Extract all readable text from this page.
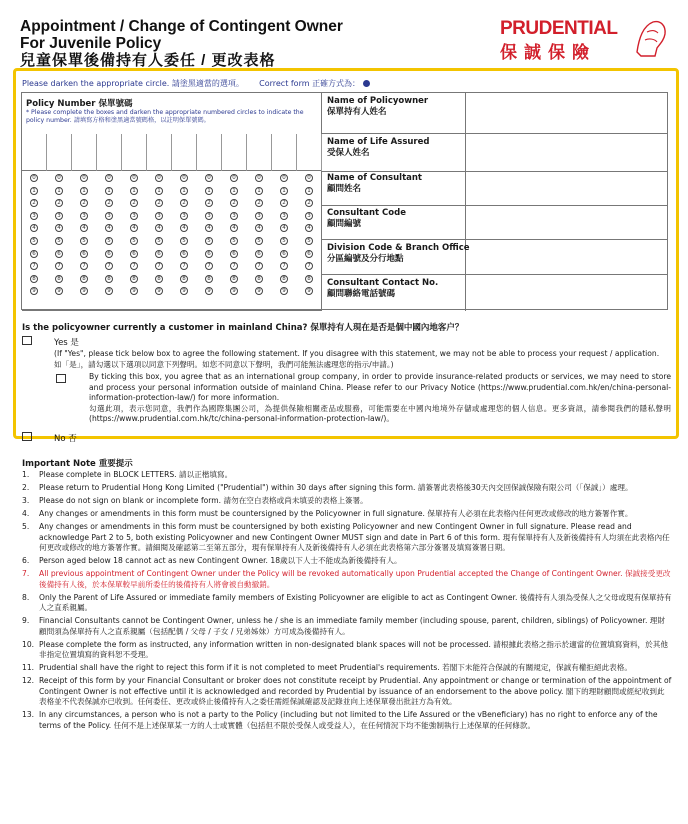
Appointment / Change of Contingent Owner
For Juvenile Policy
兒童保單後備持有人委任 / 更改表格
PRUDENTIAL
保誠保險
Please darken the appropriate circle. 請塗黑適當的選項。 Correct form 正確方式為：
Policy Number 保單號碼
* Please complete the boxes and darken the appropriate numbered circles to indicate the policy number. 請填寫方格和塗黑適當號碼格，以註明保單號碼。
0
1
2
3
4
5
6
7
8
9
0
1
2
3
4
5
6
7
8
9
0
1
2
3
4
5
6
7
8
9
0
1
2
3
4
5
6
7
8
9
0
1
2
3
4
5
6
7
8
9
0
1
2
3
4
5
6
7
8
9
0
1
2
3
4
5
6
7
8
9
0
1
2
3
4
5
6
7
8
9
0
1
2
3
4
5
6
7
8
9
0
1
2
3
4
5
6
7
8
9
0
1
2
3
4
5
6
7
8
9
0
1
2
3
4
5
6
7
8
9
Name of Policyowner
保單持有人姓名
Name of Life Assured
受保人姓名
Name of Consultant
顧問姓名
Consultant Code
顧問編號
Division Code & Branch Office
分區編號及分行地點
Consultant Contact No.
顧問聯絡電話號碼
Is the policyowner currently a customer in mainland China? 保單持有人現在是否是個中國內地客户？
Yes 是
(If "Yes", please tick below box to agree the following statement. If you disagree with this statement, we may not be able to process your request / application.
如「是」，請勾選以下選項以同意下列聲明。如您不同意以下聲明，我們可能無法處理您的指示/申請。)
By ticking this box, you agree that as an international group company, in order to provide insurance-related products or services, we may need to store and process your personal information outside of mainland China. Please refer to our Privacy Notice (https://www.prudential.com.hk/en/china-personal-information-protection-law/) for more information.
勾選此項，表示您同意，我們作為國際集團公司，為提供保險相關產品或服務，可能需要在中國內地境外存儲或處理您的個人信息。更多資訊，請參閱我們的隱私聲明 (https://www.prudential.com.hk/tc/china-personal-information-protection-law/)。
No 否
Important Note 重要提示
1. Please complete in BLOCK LETTERS. 請以正楷填寫。
2. Please return to Prudential Hong Kong Limited ("Prudential") within 30 days after signing this form. 請簽署此表格後30天內交回保誠保險有限公司（「保誠」）處理。
3. Please do not sign on blank or incomplete form. 請勿在空白表格或尚未填妥的表格上簽署。
4. Any changes or amendments in this form must be countersigned by the Policyowner in full signature. 保單持有人必須在此表格內任何更改或修改的地方簽署作實。
5. Any changes or amendments in this form must be countersigned by both existing Policyowner and new Contingent Owner in full signature. Please read and acknowledge Part 2 to 5, both existing Policyowner and new Contingent Owner MUST sign and date in Part 6 of this form. 現有保單持有人及新後備持有人均須在此表格內任何更改或修改的地方簽署作實。請細閱及確認第二至第五部分，現有保單持有人及新後備持有人必須在此表格第六部分簽署及填寫簽署日期。
6. Person aged below 18 cannot act as new Contingent Owner. 18歲以下人士不能成為新後備持有人。
7. All previous appointment of Contingent Owner under the Policy will be revoked automatically upon Prudential accepted the Change of Contingent Owner. 保誠接受更改後備持有人後，於本保單較早前所委任的後備持有人將會被自動撤銷。
8. Only the Parent of Life Assured or immediate family members of Existing Policyowner are eligible to act as Contingent Owner. 後備持有人須為受保人之父母或現有保單持有人之直系親屬。
9. Financial Consultants cannot be Contingent Owner, unless he / she is an immediate family member (including spouse, parent, children, siblings) of Policyowner. 理財顧問須為保單持有人之直系親屬（包括配偶 / 父母 / 子女 / 兄弟姊妹）方可成為後備持有人。
10. Please complete the form as instructed, any information written in non-designated blank spaces will not be processed. 請根據此表格之指示於適當的位置填寫資料，於其他非指定位置填寫的資料恕不受理。
11. Prudential shall have the right to reject this form if it is not completed to meet Prudential's requirements. 若閣下未能符合保誠的有關規定，保誠有權拒絕此表格。
12. Receipt of this form by your Financial Consultant or broker does not constitute receipt by Prudential. Any appointment or change or termination of the appointment of Contingent Owner is not effective until it is acknowledged and recorded by Prudential by issuance of an endorsement to the above policy. 閣下的理財顧問或經紀收到此表格並不代表保誠亦已收到。任何委任、更改或終止後備持有人之委任需經保誠確認及記錄並向上述保單發出批註方為有效。
13. In any circumstances, a person who is not a party to the Policy (including but not limited to the Life Assured or the vBeneficiary) has no right to enforce any of the terms of the Policy. 任何不是上述保單某一方的人士或實體（包括但不限於受保人或受益人），在任何情況下均不能強制執行上述保單的任何條款。
